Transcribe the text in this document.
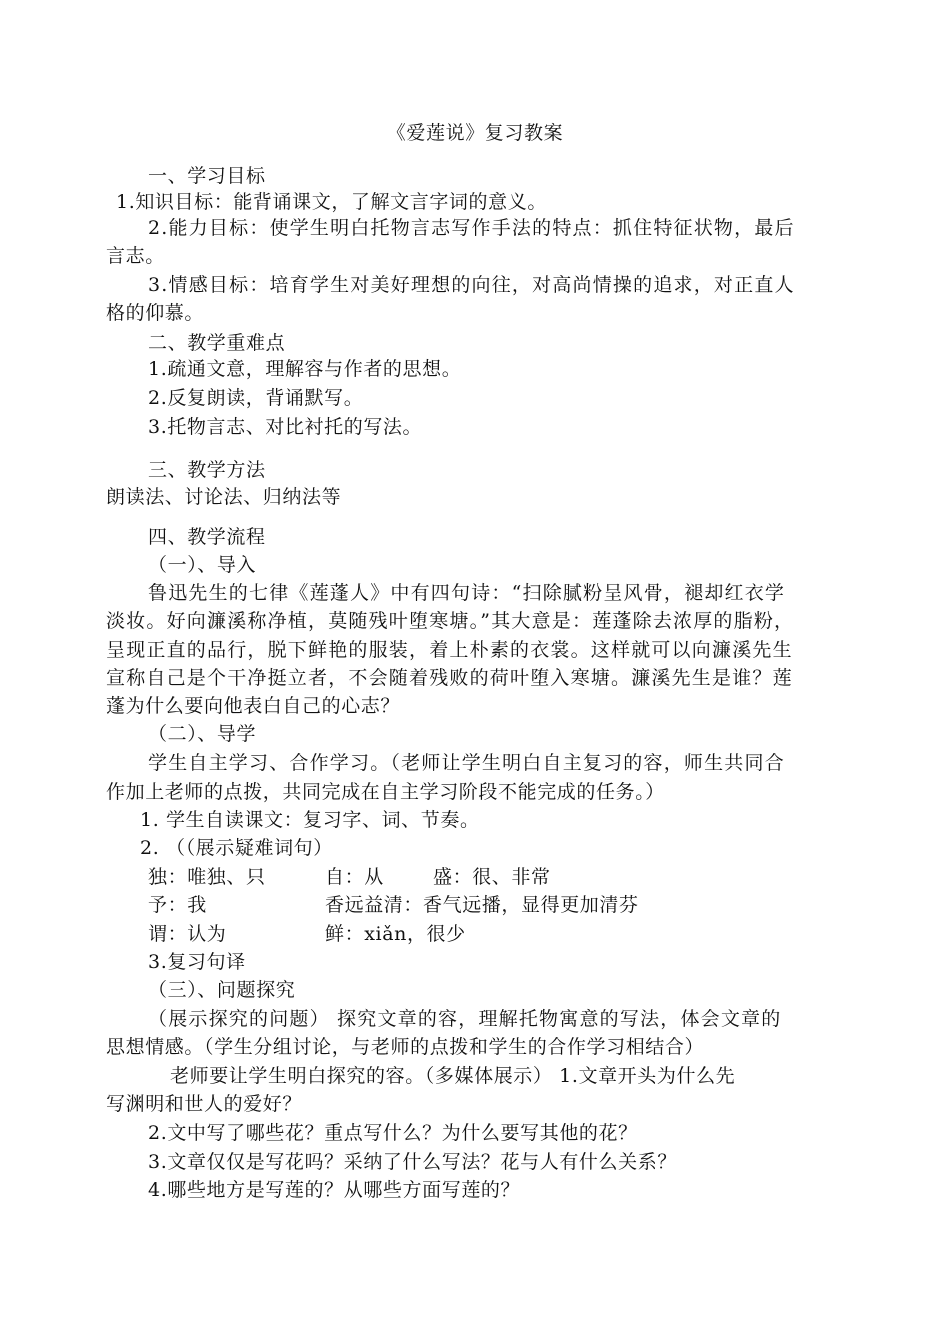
《爱莲说》复习教案
一、学习目标
1.知识目标：能背诵课文，了解文言字词的意义。
2.能力目标：使学生明白托物言志写作手法的特点：抓住特征状物，最后
言志。
3.情感目标：培育学生对美好理想的向往，对高尚情操的追求，对正直人
格的仰慕。
二、教学重难点
1.疏通文意，理解容与作者的思想。
2.反复朗读，背诵默写。
3.托物言志、对比衬托的写法。
三、教学方法
朗读法、讨论法、归纳法等
四、教学流程
（一）、导入
鲁迅先生的七律《莲蓬人》中有四句诗：“扫除腻粉呈风骨，褪却红衣学
淡妆。好向濂溪称净植，莫随残叶堕寒塘。”其大意是：莲蓬除去浓厚的脂粉，
呈现正直的品行，脱下鲜艳的服装，着上朴素的衣裳。这样就可以向濂溪先生
宣称自己是个干净挺立者，不会随着残败的荷叶堕入寒塘。濂溪先生是谁？莲
蓬为什么要向他表白自己的心志？
（二）、导学
学生自主学习、合作学习。（老师让学生明白自主复习的容，师生共同合
作加上老师的点拨，共同完成在自主学习阶段不能完成的任务。）
1. 学生自读课文：复习字、词、节奏。
2. （（展示疑难词句）
独：唯独、只	自：从	盛：很、非常
予：我	香远益清：香气远播，显得更加清芬
谓：认为	鲜：xiǎn，很少
3.复习句译
（三）、问题探究
（展示探究的问题） 探究文章的容，理解托物寓意的写法，体会文章的
思想情感。（学生分组讨论，与老师的点拨和学生的合作学习相结合）
老师要让学生明白探究的容。（多媒体展示） 1.文章开头为什么先
写渊明和世人的爱好？
2.文中写了哪些花？重点写什么？为什么要写其他的花？
3.文章仅仅是写花吗？采纳了什么写法？花与人有什么关系？
4.哪些地方是写莲的？从哪些方面写莲的？
